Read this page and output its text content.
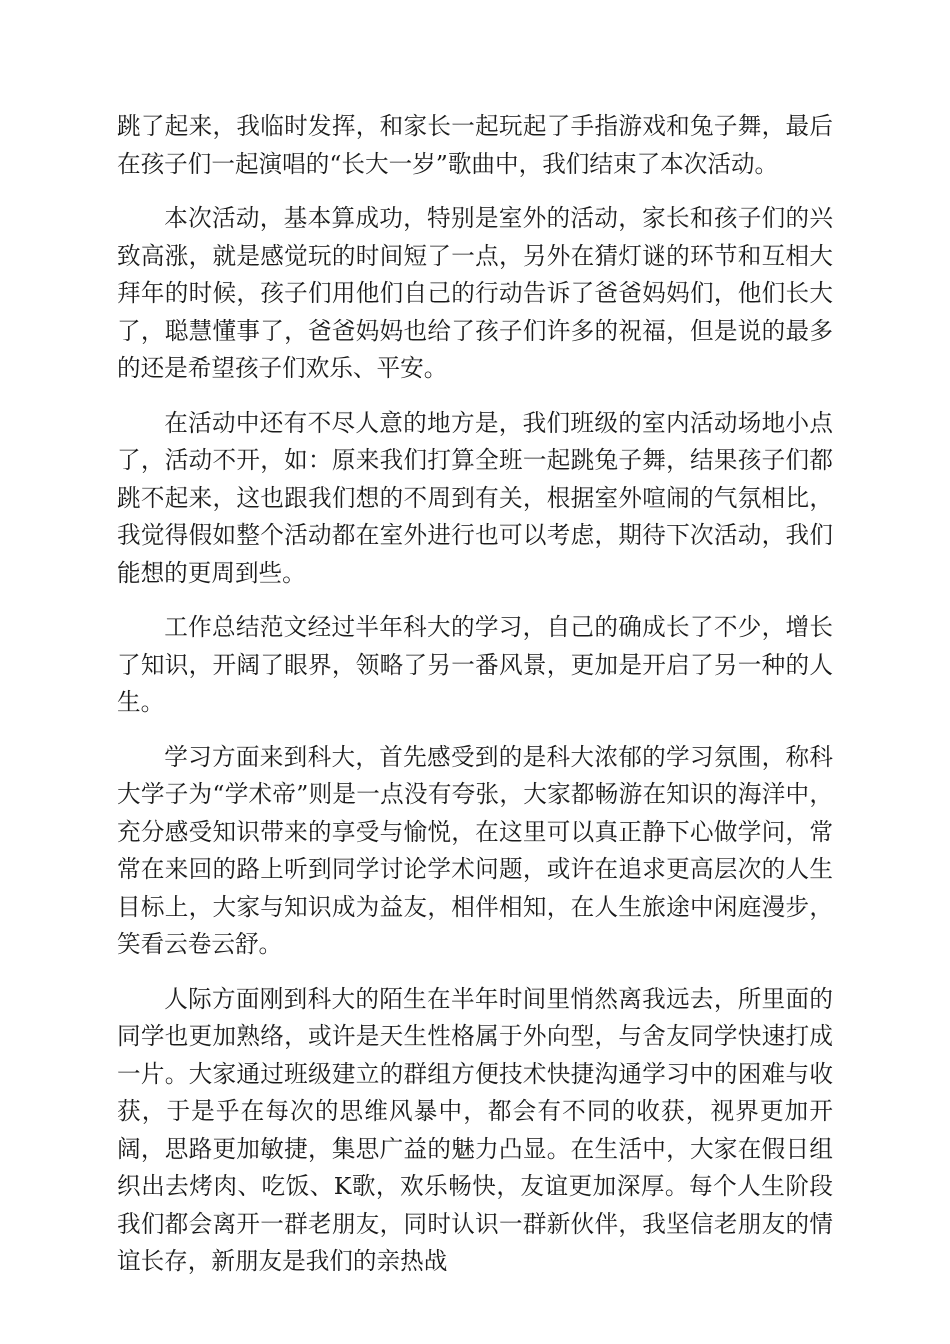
跳了起来，我临时发挥，和家长一起玩起了手指游戏和兔子舞，最后在孩子们一起演唱的“长大一岁”歌曲中，我们结束了本次活动。

本次活动，基本算成功，特别是室外的活动，家长和孩子们的兴致高涨，就是感觉玩的时间短了一点，另外在猜灯谜的环节和互相大拜年的时候，孩子们用他们自己的行动告诉了爸爸妈妈们，他们长大了，聪慧懂事了，爸爸妈妈也给了孩子们许多的祝福，但是说的最多的还是希望孩子们欢乐、平安。

在活动中还有不尽人意的地方是，我们班级的室内活动场地小点了，活动不开，如：原来我们打算全班一起跳兔子舞，结果孩子们都跳不起来，这也跟我们想的不周到有关，根据室外喧闹的气氛相比，我觉得假如整个活动都在室外进行也可以考虑，期待下次活动，我们能想的更周到些。

工作总结范文经过半年科大的学习，自己的确成长了不少，增长了知识，开阔了眼界，领略了另一番风景，更加是开启了另一种的人生。

学习方面来到科大，首先感受到的是科大浓郁的学习氛围，称科大学子为“学术帝”则是一点没有夸张，大家都畅游在知识的海洋中，充分感受知识带来的享受与愉悦，在这里可以真正静下心做学问，常常在来回的路上听到同学讨论学术问题，或许在追求更高层次的人生目标上，大家与知识成为益友，相伴相知，在人生旅途中闲庭漫步，笑看云卷云舒。

人际方面刚到科大的陌生在半年时间里悄然离我远去，所里面的同学也更加熟络，或许是天生性格属于外向型，与舍友同学快速打成一片。大家通过班级建立的群组方便技术快捷沟通学习中的困难与收获，于是乎在每次的思维风暴中，都会有不同的收获，视界更加开阔，思路更加敏捷，集思广益的魅力凸显。在生活中，大家在假日组织出去烤肉、吃饭、K歌，欢乐畅快，友谊更加深厚。每个人生阶段我们都会离开一群老朋友，同时认识一群新伙伴，我坚信老朋友的情谊长存，新朋友是我们的亲热战
